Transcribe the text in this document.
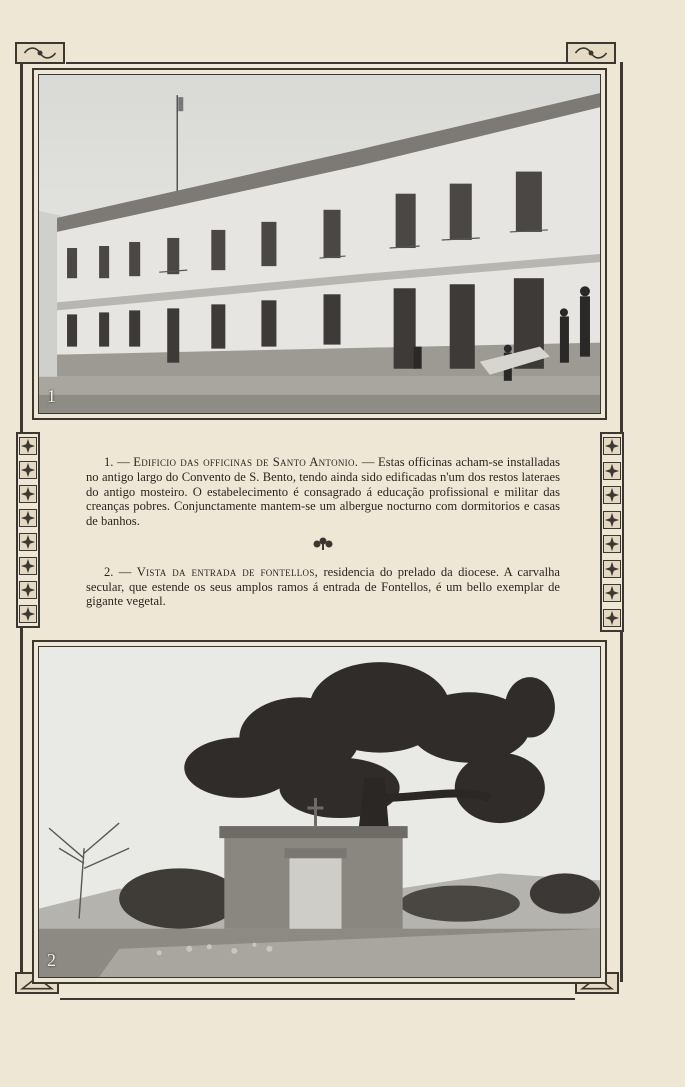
1

1. — Edificio das officinas de Santo Antonio. — Estas officinas acham-se installadas no antigo largo do Convento de S. Bento, tendo ainda sido edificadas n'um dos restos lateraes do antigo mosteiro. O estabelecimento é consagrado á educação profissional e militar das creanças pobres. Conjunctamente mantem-se um albergue nocturno com dormitorios e casas de banhos.

2. — Vista da entrada de fontellos, residencia do prelado da diocese. A carvalha secular, que estende os seus amplos ramos á entrada de Fontellos, é um bello exemplar de gigante vegetal.

2
